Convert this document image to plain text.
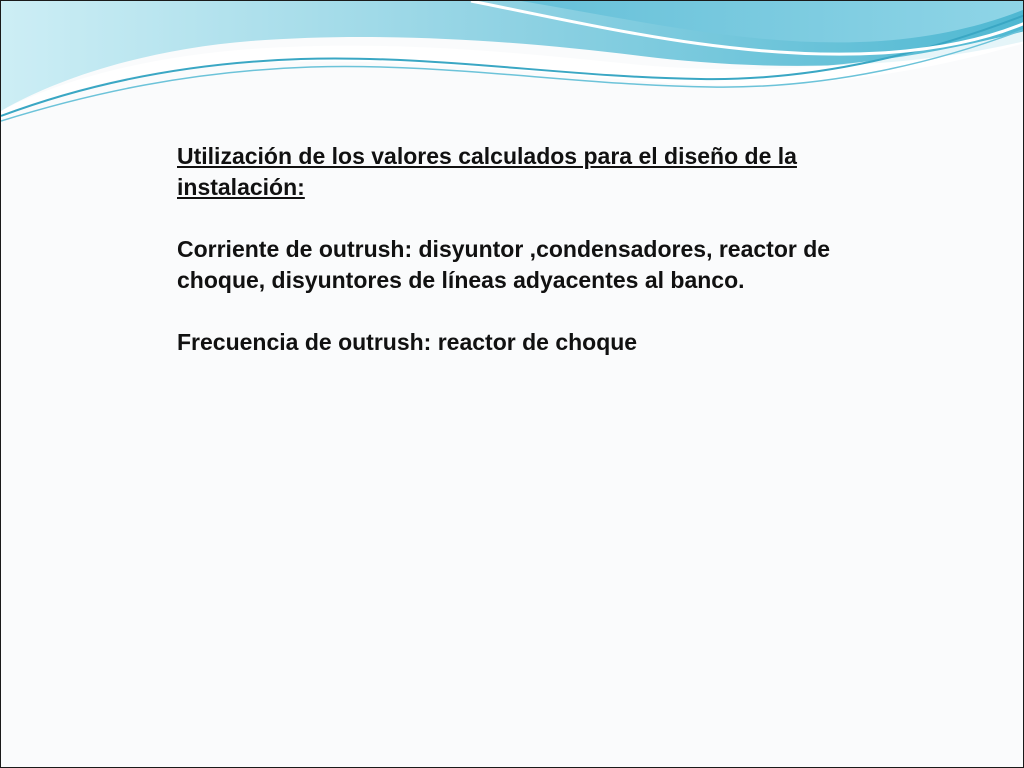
Utilización de los valores calculados para el diseño de la instalación:

Corriente de outrush: disyuntor ,condensadores, reactor de choque, disyuntores de líneas adyacentes al banco.

Frecuencia de outrush: reactor de choque
